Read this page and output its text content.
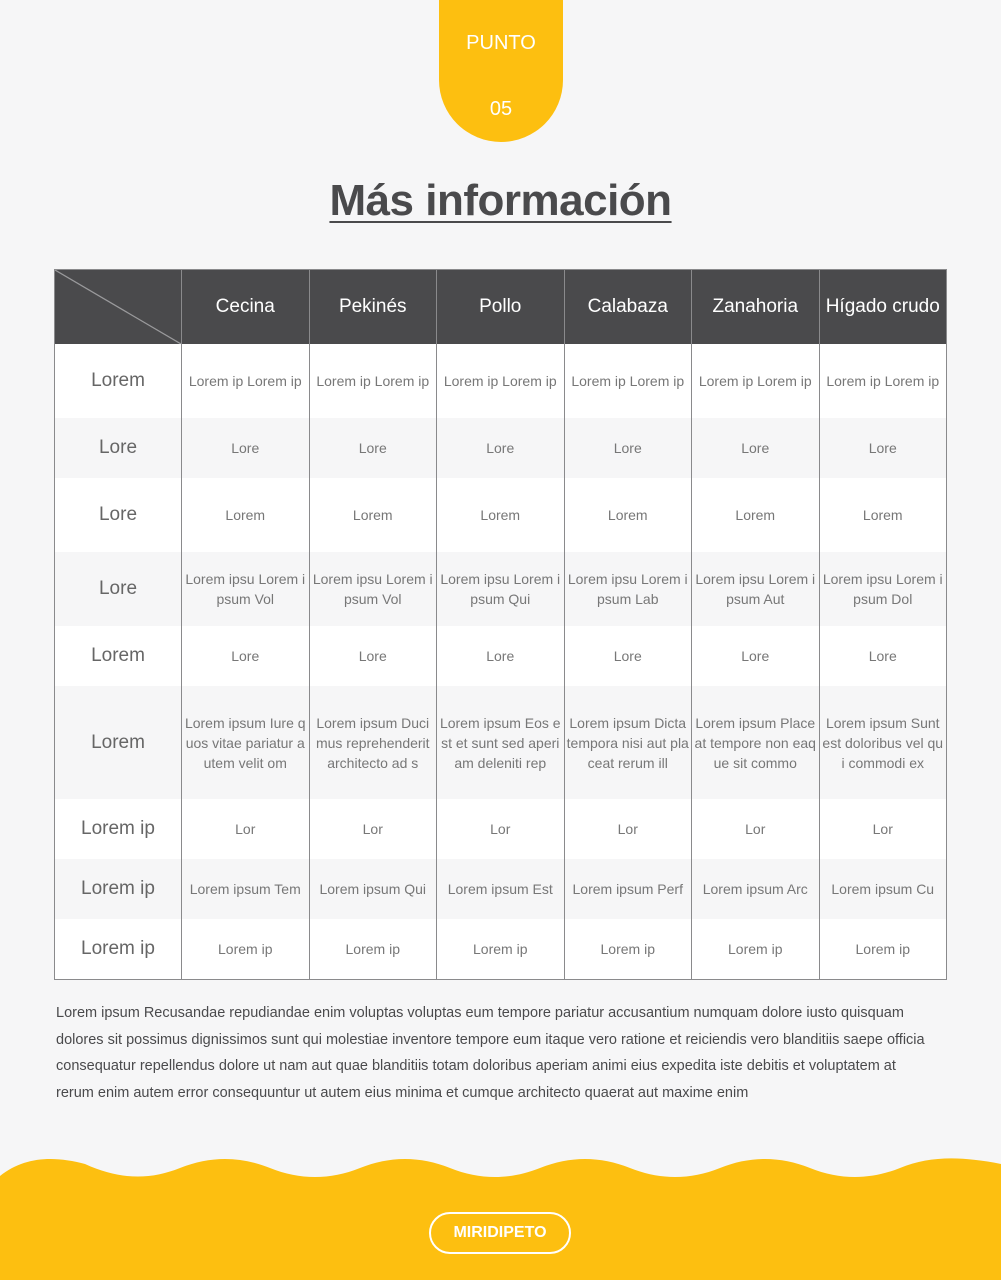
PUNTO
05
Más información
	Cecina	Pekinés	Pollo	Calabaza	Zanahoria	Hígado crudo
Lorem	Lorem ip Lorem ip	Lorem ip Lorem ip	Lorem ip Lorem ip	Lorem ip Lorem ip	Lorem ip Lorem ip	Lorem ip Lorem ip
Lore	Lore	Lore	Lore	Lore	Lore	Lore
Lore	Lorem	Lorem	Lorem	Lorem	Lorem	Lorem
Lore	Lorem ipsu Lorem ipsum Vol	Lorem ipsu Lorem ipsum Vol	Lorem ipsu Lorem ipsum Qui	Lorem ipsu Lorem ipsum Lab	Lorem ipsu Lorem ipsum Aut	Lorem ipsu Lorem ipsum Dol
Lorem	Lore	Lore	Lore	Lore	Lore	Lore
Lorem	Lorem ipsum Iure quos vitae pariatur autem velit om	Lorem ipsum Ducimus reprehenderit architecto ad s	Lorem ipsum Eos est et sunt sed aperiam deleniti rep	Lorem ipsum Dicta tempora nisi aut placeat rerum ill	Lorem ipsum Placeat tempore non eaque sit commo	Lorem ipsum Sunt est doloribus vel qui commodi ex
Lorem ip	Lor	Lor	Lor	Lor	Lor	Lor
Lorem ip	Lorem ipsum Tem	Lorem ipsum Qui	Lorem ipsum Est	Lorem ipsum Perf	Lorem ipsum Arc	Lorem ipsum Cu
Lorem ip	Lorem ip	Lorem ip	Lorem ip	Lorem ip	Lorem ip	Lorem ip

Lorem ipsum Recusandae repudiandae enim voluptas voluptas eum tempore pariatur accusantium numquam dolore iusto quisquam dolores sit possimus dignissimos sunt qui molestiae inventore tempore eum itaque vero ratione et reiciendis vero blanditiis saepe officia consequatur repellendus dolore ut nam aut quae blanditiis totam doloribus aperiam animi eius expedita iste debitis et voluptatem at rerum enim autem error consequuntur ut autem eius minima et cumque architecto quaerat aut maxime enim

MIRIDIPETO
